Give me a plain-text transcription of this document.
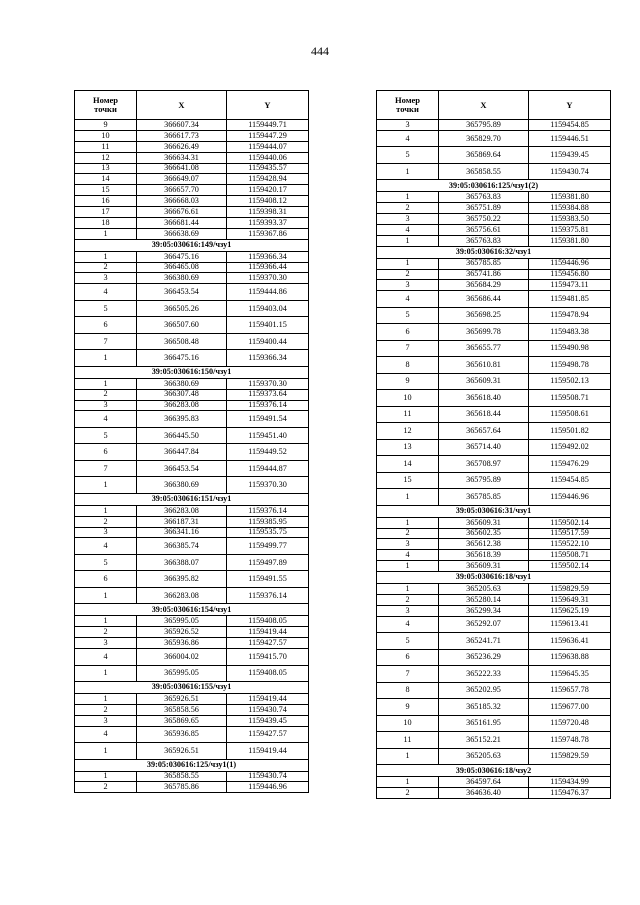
444
Номер
точки	X	Y
9	366607.34	1159449.71
10	366617.73	1159447.29
11	366626.49	1159444.07
12	366634.31	1159440.06
13	366641.08	1159435.57
14	366649.07	1159428.94
15	366657.70	1159420.17
16	366668.03	1159408.12
17	366676.61	1159398.31
18	366681.44	1159393.37
1	366638.69	1159367.86
39:05:030616:149/чзу1		
1	366475.16	1159366.34
2	366465.08	1159366.44
3	366380.69	1159370.30
4	366453.54	1159444.86
5	366505.26	1159403.04
6	366507.60	1159401.15
7	366508.48	1159400.44
1	366475.16	1159366.34
39:05:030616:150/чзу1		
1	366380.69	1159370.30
2	366307.48	1159373.64
3	366283.08	1159376.14
4	366395.83	1159491.54
5	366445.50	1159451.40
6	366447.84	1159449.52
7	366453.54	1159444.87
1	366380.69	1159370.30
39:05:030616:151/чзу1		
1	366283.08	1159376.14
2	366187.31	1159385.95
3	366341.16	1159535.75
4	366385.74	1159499.77
5	366388.07	1159497.89
6	366395.82	1159491.55
1	366283.08	1159376.14
39:05:030616:154/чзу1		
1	365995.05	1159408.05
2	365926.52	1159419.44
3	365936.86	1159427.57
4	366004.02	1159415.70
1	365995.05	1159408.05
39:05:030616:155/чзу1		
1	365926.51	1159419.44
2	365858.56	1159430.74
3	365869.65	1159439.45
4	365936.85	1159427.57
1	365926.51	1159419.44
39:05:030616:125/чзу1(1)		
1	365858.55	1159430.74
2	365785.86	1159446.96
Номер
точки	X	Y
3	365795.89	1159454.85
4	365829.70	1159446.51
5	365869.64	1159439.45
1	365858.55	1159430.74
39:05:030616:125/чзу1(2)		
1	365763.83	1159381.80
2	365751.89	1159384.88
3	365750.22	1159383.50
4	365756.61	1159375.81
1	365763.83	1159381.80
39:05:030616:32/чзу1		
1	365785.85	1159446.96
2	365741.86	1159456.80
3	365684.29	1159473.11
4	365686.44	1159481.85
5	365698.25	1159478.94
6	365699.78	1159483.38
7	365655.77	1159490.98
8	365610.81	1159498.78
9	365609.31	1159502.13
10	365618.40	1159508.71
11	365618.44	1159508.61
12	365657.64	1159501.82
13	365714.40	1159492.02
14	365708.97	1159476.29
15	365795.89	1159454.85
1	365785.85	1159446.96
39:05:030616:31/чзу1		
1	365609.31	1159502.14
2	365602.35	1159517.59
3	365612.38	1159522.10
4	365618.39	1159508.71
1	365609.31	1159502.14
39:05:030616:18/чзу1		
1	365205.63	1159829.59
2	365280.14	1159649.31
3	365299.34	1159625.19
4	365292.07	1159613.41
5	365241.71	1159636.41
6	365236.29	1159638.88
7	365222.33	1159645.35
8	365202.95	1159657.78
9	365185.32	1159677.00
10	365161.95	1159720.48
11	365152.21	1159748.78
1	365205.63	1159829.59
39:05:030616:18/чзу2		
1	364597.64	1159434.99
2	364636.40	1159476.37
